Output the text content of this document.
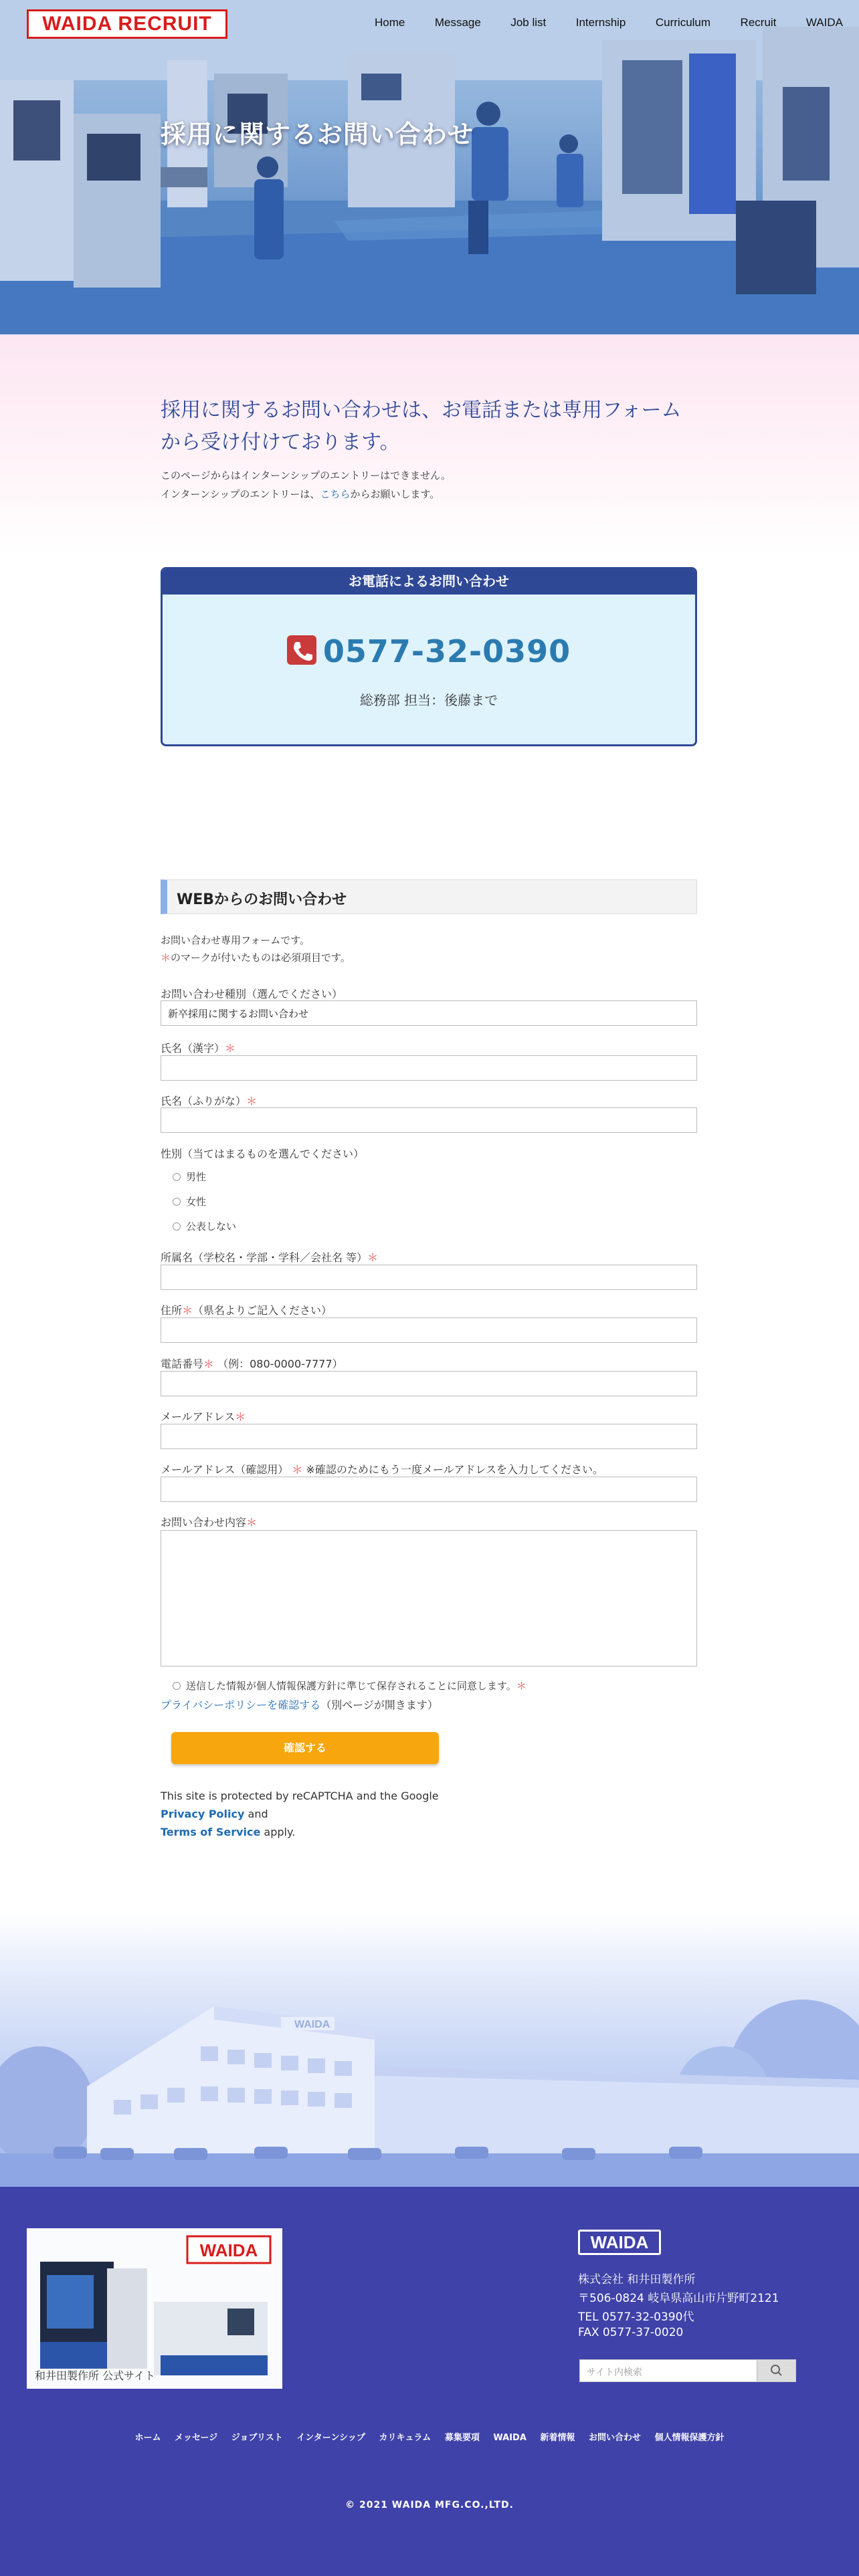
WAIDA RECRUIT	Home	Message	Job list	Internship	Curriculum	Recruit	WAIDA
採用に関するお問い合わせ
採用に関するお問い合わせは、お電話または専用フォームから受け付けております。

このページからはインターンシップのエントリーはできません。

インターンシップのエントリーは、こちらからお願いします。

お電話によるお問い合わせ
0577-32-0390
総務部 担当：後藤まで
WEBからのお問い合わせ
お問い合わせ専用フォームです。
＊のマークが付いたものは必須項目です。
お問い合わせ種別（選んでください）
新卒採用に関するお問い合わせ
氏名（漢字）＊
氏名（ふりがな）＊
性別（当てはまるものを選んでください）
男性
女性
公表しない
所属名（学校名・学部・学科／会社名 等）＊
住所＊（県名よりご記入ください）
電話番号＊ （例：080-0000-7777）
メールアドレス＊
メールアドレス（確認用） ＊ ※確認のためにもう一度メールアドレスを入力してください。
お問い合わせ内容＊
送信した情報が個人情報保護方針に準じて保存されることに同意します。＊
プライバシーポリシーを確認する（別ページが開きます）
確認する
This site is protected by reCAPTCHA and the Google
Privacy Policy and
Terms of Service apply.
WAIDA
WAIDA
和井田製作所 公式サイト
WAIDA
株式会社 和井田製作所
〒506-0824 岐阜県高山市片野町2121
TEL 0577-32-0390代
FAX 0577-37-0020
サイト内検索
ホーム メッセージ ジョブリスト インターンシップ カリキュラム 募集要項 WAIDA 新着情報 お問い合わせ 個人情報保護方針
© 2021 WAIDA MFG.CO.,LTD.
